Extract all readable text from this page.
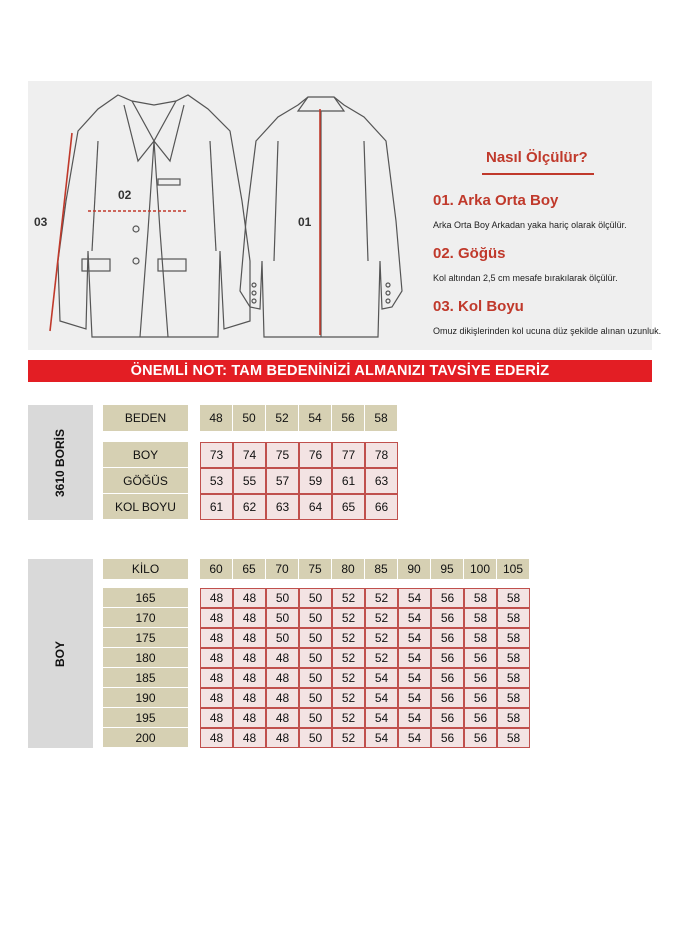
03
02
01
Nasıl Ölçülür?
01. Arka Orta Boy
Arka Orta Boy Arkadan yaka hariç olarak ölçülür.
02. Göğüs
Kol altından 2,5 cm mesafe bırakılarak ölçülür.
03. Kol Boyu
Omuz dikişlerinden kol ucuna düz şekilde alınan uzunluk.
ÖNEMLİ NOT: TAM BEDENİNİZİ ALMANIZI TAVSİYE EDERİZ
3610 BORİS
BEDEN	48	50	52	54	56	58
BOY	73	74	75	76	77	78
GÖĞÜS	53	55	57	59	61	63
KOL BOYU	61	62	63	64	65	66
BOY
KİLO	60	65	70	75	80	85	90	95	100	105
165	48	48	50	50	52	52	54	56	58	58
170	48	48	50	50	52	52	54	56	58	58
175	48	48	50	50	52	52	54	56	58	58
180	48	48	48	50	52	52	54	56	56	58
185	48	48	48	50	52	54	54	56	56	58
190	48	48	48	50	52	54	54	56	56	58
195	48	48	48	50	52	54	54	56	56	58
200	48	48	48	50	52	54	54	56	56	58
